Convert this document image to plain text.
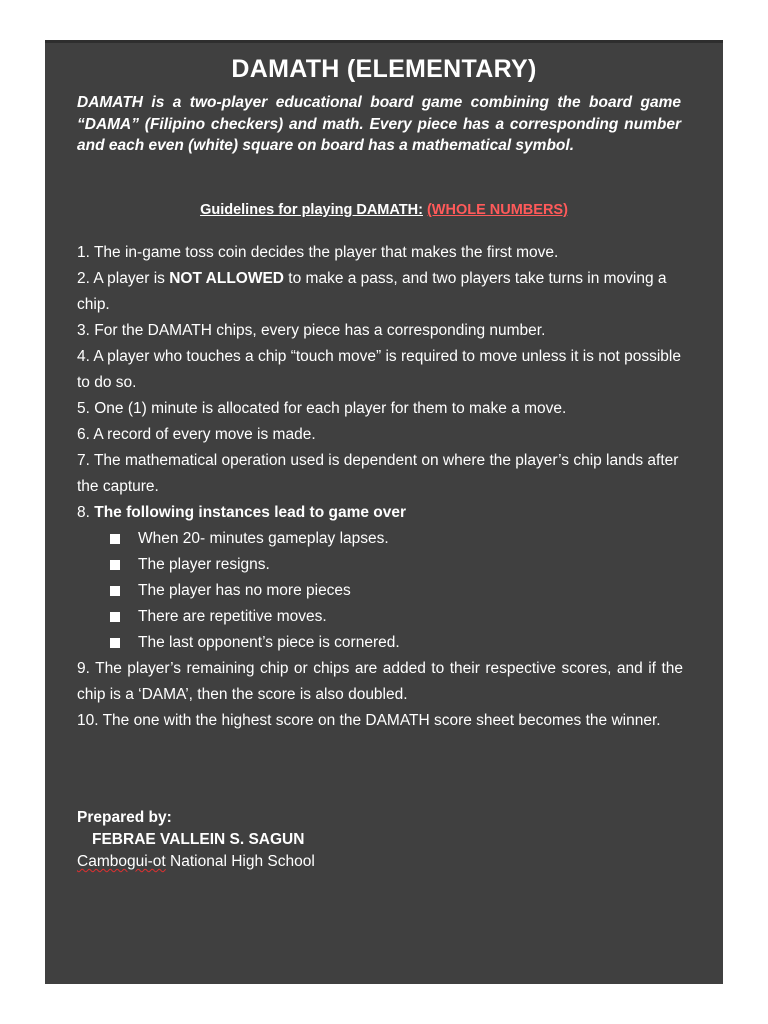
DAMATH (ELEMENTARY)

DAMATH is a two-player educational board game combining the board game “DAMA” (Filipino checkers) and math. Every piece has a corresponding number and each even (white) square on board has a mathematical symbol.

Guidelines for playing DAMATH: (WHOLE NUMBERS)

1. The in-game toss coin decides the player that makes the first move.
2. A player is NOT ALLOWED to make a pass, and two players take turns in moving a chip.
3. For the DAMATH chips, every piece has a corresponding number.
4. A player who touches a chip “touch move” is required to move unless it is not possible to do so.
5. One (1) minute is allocated for each player for them to make a move.
6. A record of every move is made.
7. The mathematical operation used is dependent on where the player’s chip lands after the capture.
8. The following instances lead to game over
When 20- minutes gameplay lapses.
The player resigns.
The player has no more pieces
There are repetitive moves.
The last opponent’s piece is cornered.
9. The player’s remaining chip or chips are added to their respective scores, and if the chip is a ‘DAMA’, then the score is also doubled.
10. The one with the highest score on the DAMATH score sheet becomes the winner.
Prepared by:
FEBRAE VALLEIN S. SAGUN
Cambogui-ot National High School
